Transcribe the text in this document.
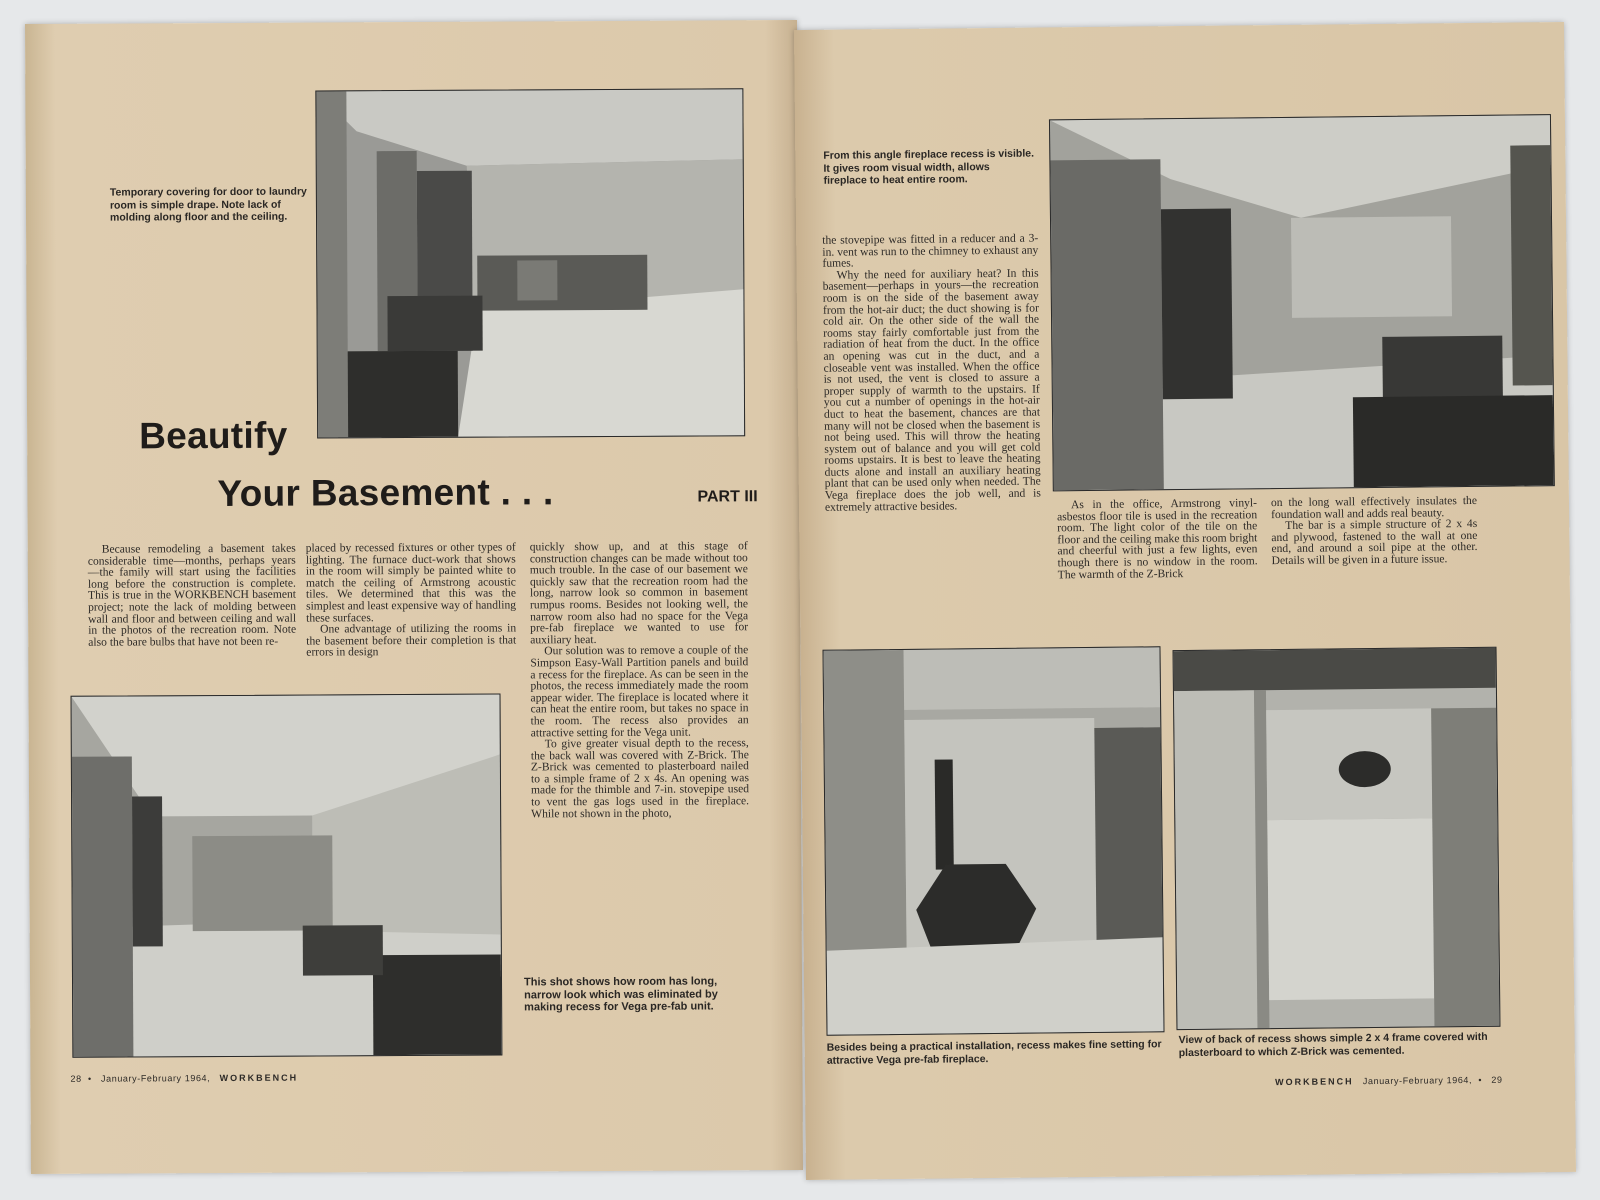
Temporary covering for door to laundry room is simple drape. Note lack of molding along floor and the ceiling.
Beautify
Your Basement . . .	PART III

Because remodeling a basement takes considerable time—months, perhaps years—the family will start using the facilities long before the construction is complete. This is true in the WORKBENCH basement project; note the lack of molding between wall and floor and between ceiling and wall in the photos of the recreation room. Note also the bare bulbs that have not been re-

placed by recessed fixtures or other types of lighting. The furnace duct-work that shows in the room will simply be painted white to match the ceiling of Armstrong acoustic tiles. We determined that this was the simplest and least expensive way of handling these surfaces.

One advantage of utilizing the rooms in the basement before their completion is that errors in design

quickly show up, and at this stage of construction changes can be made without too much trouble. In the case of our basement we quickly saw that the recreation room had the long, narrow look so common in basement rumpus rooms. Besides not looking well, the narrow room also had no space for the Vega pre-fab fireplace we wanted to use for auxiliary heat.

Our solution was to remove a couple of the Simpson Easy-Wall Partition panels and build a recess for the fireplace. As can be seen in the photos, the recess immediately made the room appear wider. The fireplace is located where it can heat the entire room, but takes no space in the room. The recess also provides an attractive setting for the Vega unit.

To give greater visual depth to the recess, the back wall was covered with Z-Brick. The Z-Brick was cemented to plasterboard nailed to a simple frame of 2 x 4s. An opening was made for the thimble and 7-in. stovepipe used to vent the gas logs used in the fireplace. While not shown in the photo,

This shot shows how room has long, narrow look which was eliminated by making recess for Vega pre-fab unit.
28  •   January-February 1964, WORKBENCH
From this angle fireplace recess is visible. It gives room visual width, allows fireplace to heat entire room.

the stovepipe was fitted in a reducer and a 3-in. vent was run to the chimney to exhaust any fumes.

Why the need for auxiliary heat? In this basement—perhaps in yours—the recreation room is on the side of the basement away from the hot-air duct; the duct showing is for cold air. On the other side of the wall the rooms stay fairly comfortable just from the radiation of heat from the duct. In the office an opening was cut in the duct, and a closeable vent was installed. When the office is not used, the vent is closed to assure a proper supply of warmth to the upstairs. If you cut a number of openings in the hot-air duct to heat the basement, chances are that many will not be closed when the basement is not being used. This will throw the heating system out of balance and you will get cold rooms upstairs. It is best to leave the heating ducts alone and install an auxiliary heating plant that can be used only when needed. The Vega fireplace does the job well, and is extremely attractive besides.	As in the office, Armstrong vinyl-asbestos floor tile is used in the recreation room. The light color of the tile on the floor and the ceiling make this room bright and cheerful with just a few lights, even though there is no window in the room. The warmth of the Z-Brick

on the long wall effectively insulates the foundation wall and adds real beauty.

The bar is a simple structure of 2 x 4s and plywood, fastened to the wall at one end, and around a soil pipe at the other. Details will be given in a future issue.

Besides being a practical installation, recess makes fine setting for attractive Vega pre-fab fireplace.
View of back of recess shows simple 2 x 4 frame covered with plasterboard to which Z-Brick was cemented.
WORKBENCH January-February 1964,  •   29
